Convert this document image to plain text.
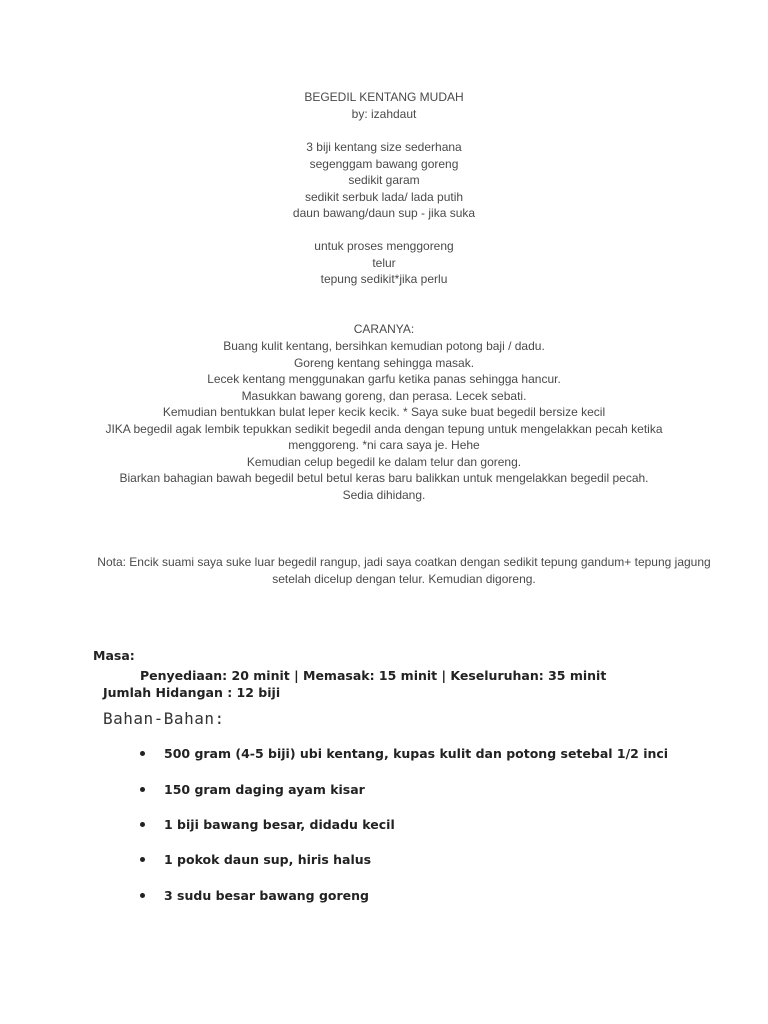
BEGEDIL KENTANG MUDAH
by: izahdaut
3 biji kentang size sederhana
segenggam bawang goreng
sedikit garam
sedikit serbuk lada/ lada putih
daun bawang/daun sup - jika suka
untuk proses menggoreng
telur
tepung sedikit*jika perlu
CARANYA:
Buang kulit kentang, bersihkan kemudian potong baji / dadu.
Goreng kentang sehingga masak.
Lecek kentang menggunakan garfu ketika panas sehingga hancur.
Masukkan bawang goreng, dan perasa. Lecek sebati.
Kemudian bentukkan bulat leper kecik kecik. * Saya suke buat begedil bersize kecil
JIKA begedil agak lembik tepukkan sedikit begedil anda dengan tepung untuk mengelakkan pecah ketika menggoreng. *ni cara saya je. Hehe
Kemudian celup begedil ke dalam telur dan goreng.
Biarkan bahagian bawah begedil betul betul keras baru balikkan untuk mengelakkan begedil pecah.
Sedia dihidang.
Nota: Encik suami saya suke luar begedil rangup, jadi saya coatkan dengan sedikit tepung gandum+ tepung jagung setelah dicelup dengan telur. Kemudian digoreng.
Masa:
Penyediaan: 20 minit | Memasak: 15 minit | Keseluruhan: 35 minit
Jumlah Hidangan : 12 biji
Bahan-Bahan:
500 gram (4-5 biji) ubi kentang, kupas kulit dan potong setebal 1/2 inci
150 gram daging ayam kisar
1 biji bawang besar, didadu kecil
1 pokok daun sup, hiris halus
3 sudu besar bawang goreng
